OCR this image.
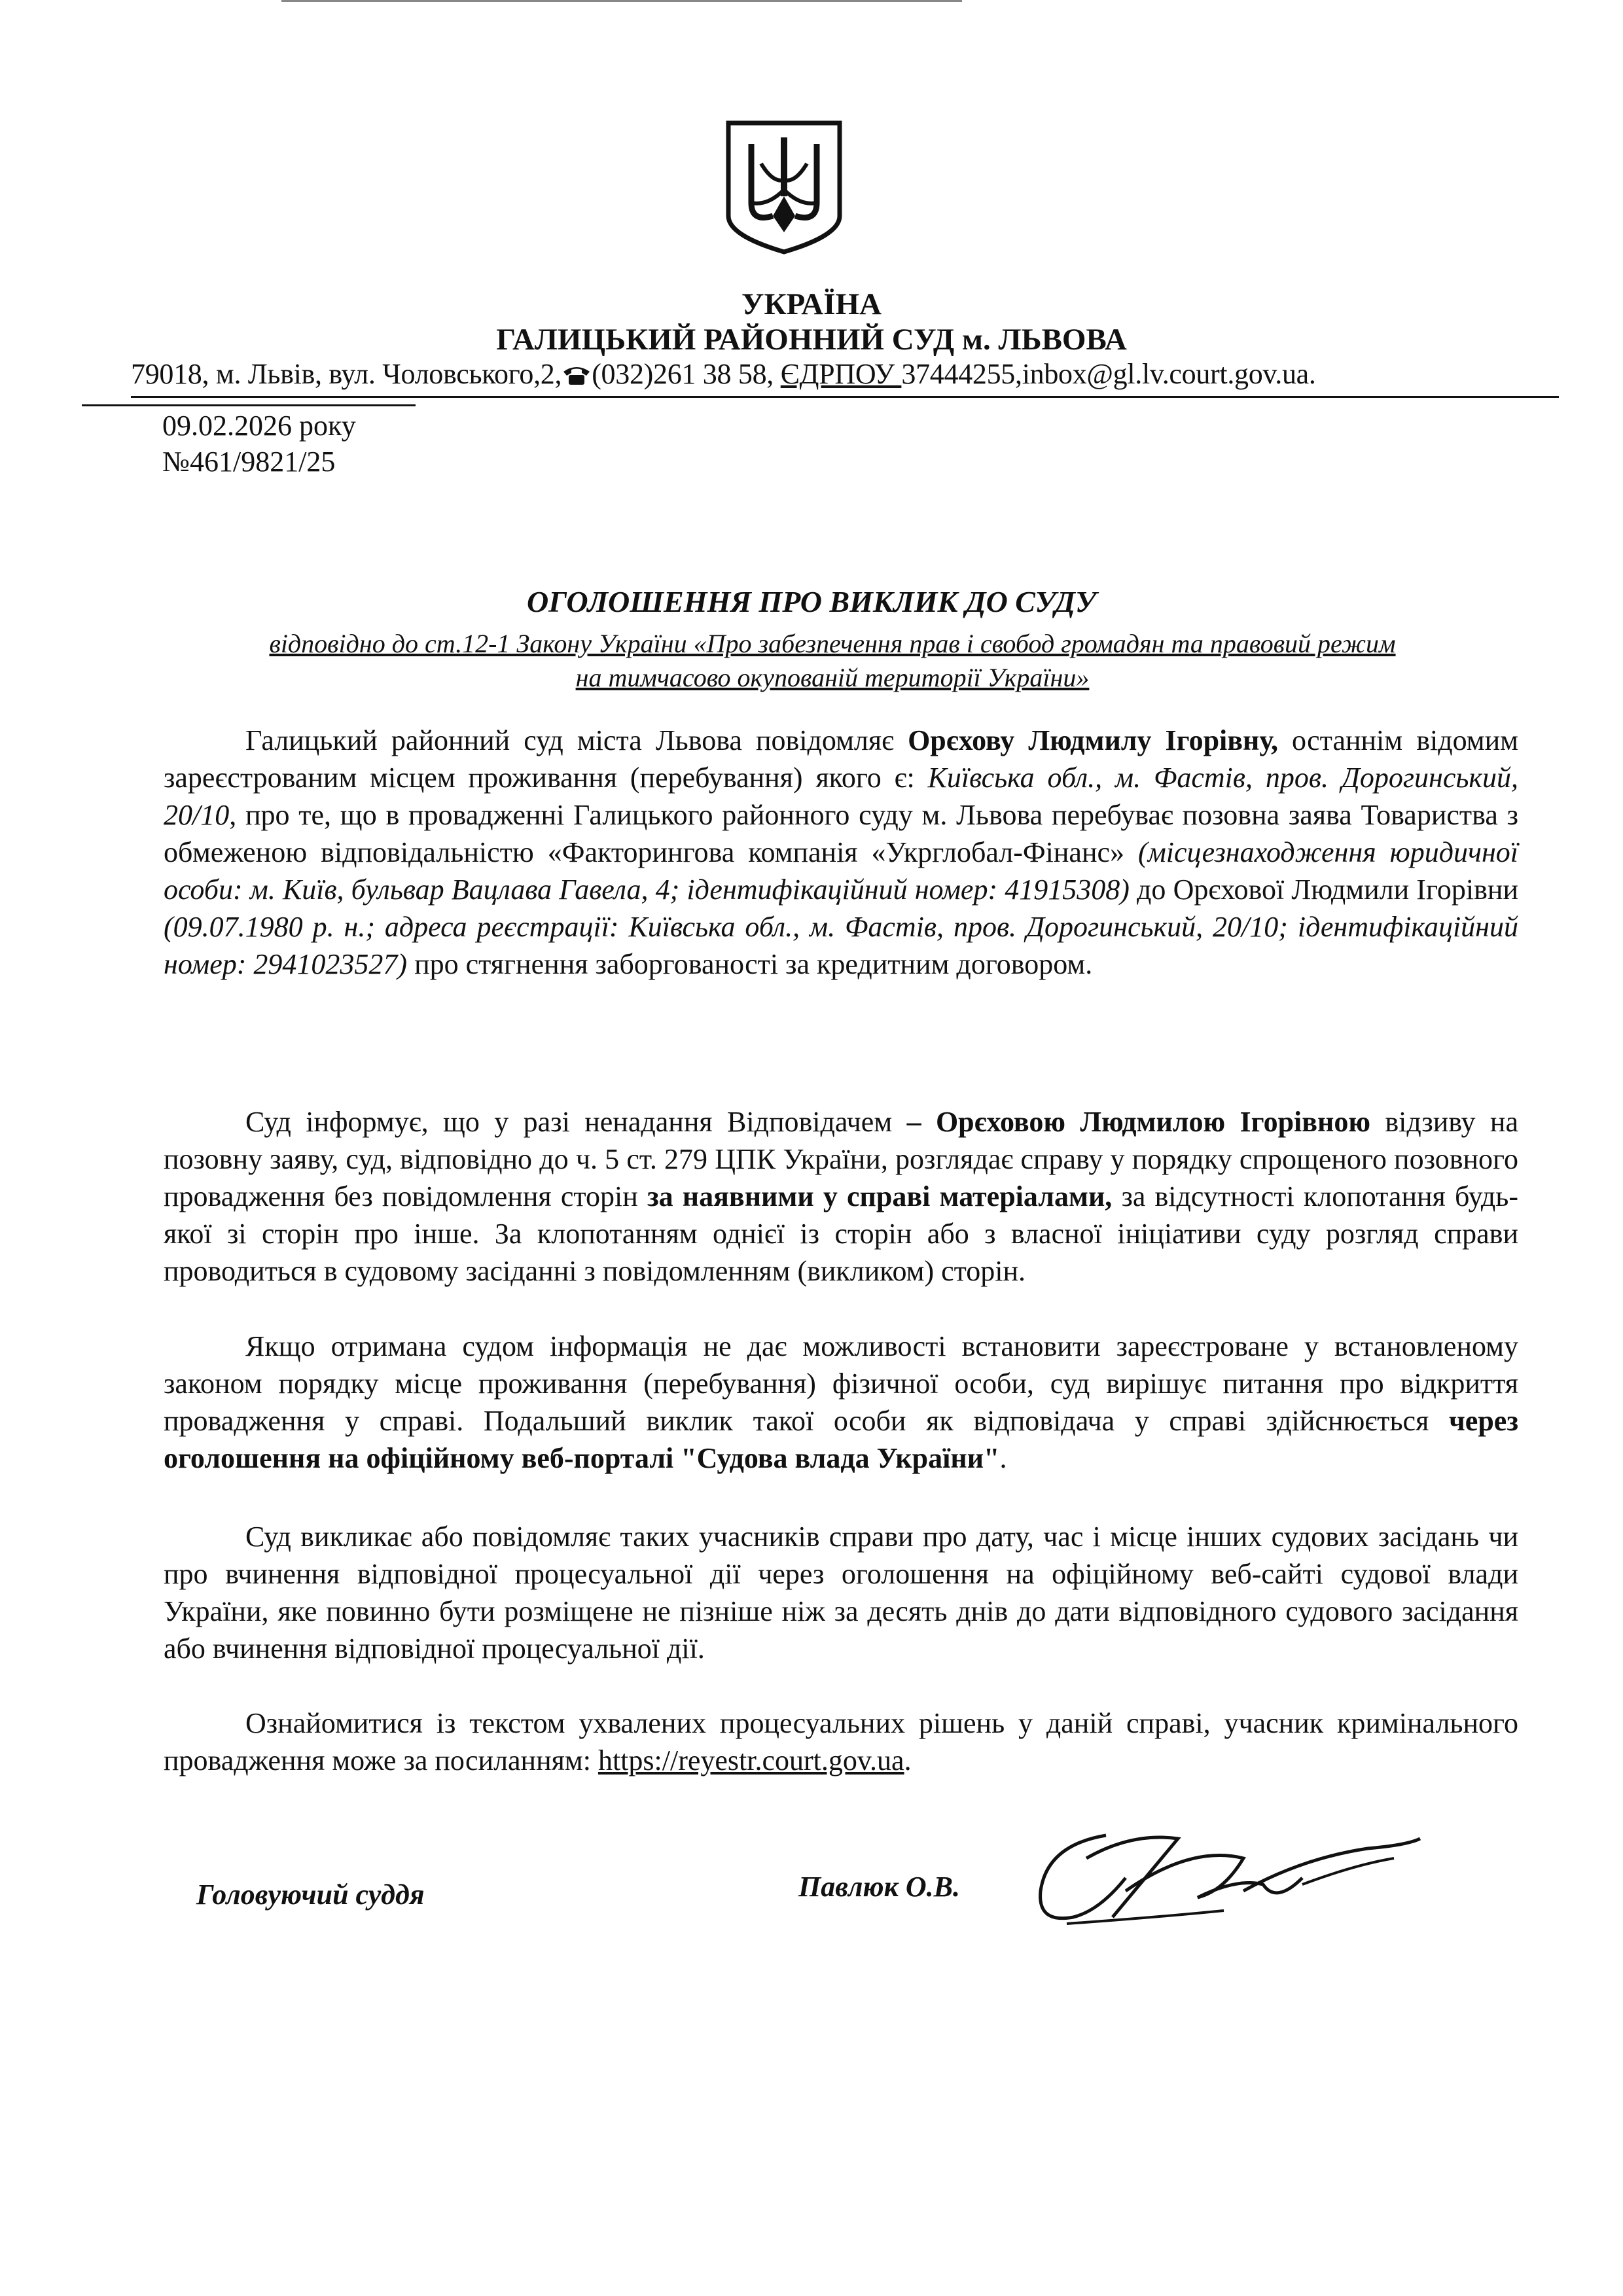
УКРАЇНА
ГАЛИЦЬКИЙ РАЙОННИЙ СУД м. ЛЬВОВА
79018, м. Львів, вул. Чоловського,2, (032)261 38 58, ЄДРПОУ 37444255,inbox@gl.lv.court.gov.ua.
09.02.2026 року
№461/9821/25
ОГОЛОШЕННЯ ПРО ВИКЛИК ДО СУДУ
відповідно до ст.12-1 Закону України «Про забезпечення прав і свобод громадян та правовий режим
на тимчасово окупованій території України»

Галицький районний суд міста Львова повідомляє Орєхову Людмилу Ігорівну, останнім відомим зареєстрованим місцем проживання (перебування) якого є: Київська обл., м. Фастів, пров. Дорогинський, 20/10, про те, що в провадженні Галицького районного суду м. Львова перебуває позовна заява Товариства з обмеженою відповідальністю «Факторингова компанія «Укрглобал-Фінанс» (місцезнаходження юридичної особи: м. Київ, бульвар Вацлава Гавела, 4; ідентифікаційний номер: 41915308) до Орєхової Людмили Ігорівни (09.07.1980 р. н.; адреса реєстрації: Київська обл., м. Фастів, пров. Дорогинський, 20/10; ідентифікаційний номер: 2941023527) про стягнення заборгованості за кредитним договором.

Суд інформує, що у разі ненадання Відповідачем – Орєховою Людмилою Ігорівною відзиву на позовну заяву, суд, відповідно до ч. 5 ст. 279 ЦПК України, розглядає справу у порядку спрощеного позовного провадження без повідомлення сторін за наявними у справі матеріалами, за відсутності клопотання будь-якої зі сторін про інше. За клопотанням однієї із сторін або з власної ініціативи суду розгляд справи проводиться в судовому засіданні з повідомленням (викликом) сторін.

Якщо отримана судом інформація не дає можливості встановити зареєстроване у встановленому законом порядку місце проживання (перебування) фізичної особи, суд вирішує питання про відкриття провадження у справі. Подальший виклик такої особи як відповідача у справі здійснюється через оголошення на офіційному веб-порталі "Судова влада України".

Суд викликає або повідомляє таких учасників справи про дату, час і місце інших судових засідань чи про вчинення відповідної процесуальної дії через оголошення на офіційному веб-сайті судової влади України, яке повинно бути розміщене не пізніше ніж за десять днів до дати відповідного судового засідання або вчинення відповідної процесуальної дії.

Ознайомитися із текстом ухвалених процесуальних рішень у даній справі, учасник кримінального провадження може за посиланням: https://reyestr.court.gov.ua.

Головуючий суддя	Павлюк О.В.
